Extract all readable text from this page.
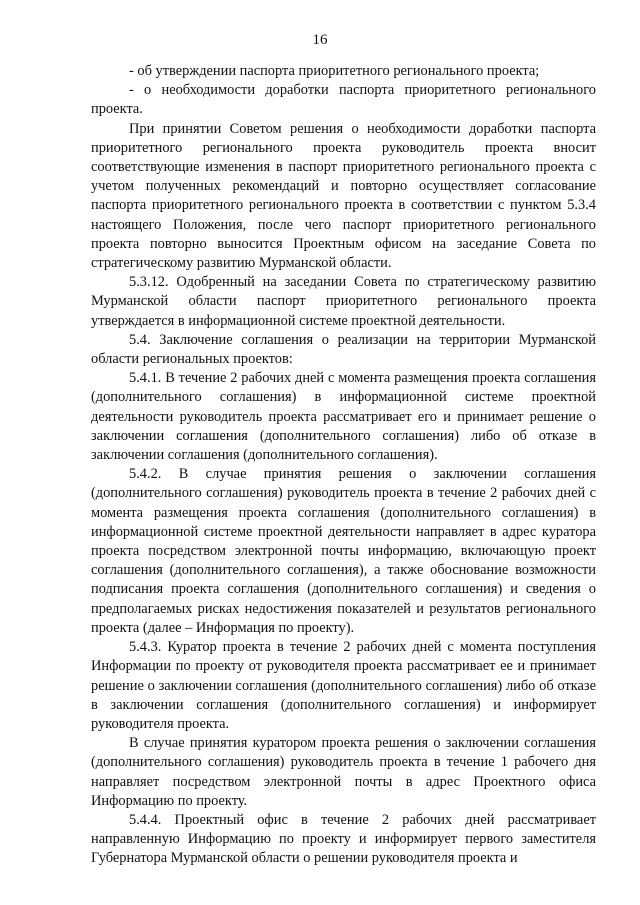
16

- об утверждении паспорта приоритетного регионального проекта;

- о необходимости доработки паспорта приоритетного регионального проекта.

При принятии Советом решения о необходимости доработки паспорта приоритетного регионального проекта руководитель проекта вносит соответствующие изменения в паспорт приоритетного регионального проекта с учетом полученных рекомендаций и повторно осуществляет согласование паспорта приоритетного регионального проекта в соответствии с пунктом 5.3.4 настоящего Положения, после чего паспорт приоритетного регионального проекта повторно выносится Проектным офисом на заседание Совета по стратегическому развитию Мурманской области.

5.3.12. Одобренный на заседании Совета по стратегическому развитию Мурманской области паспорт приоритетного регионального проекта утверждается в информационной системе проектной деятельности.

5.4. Заключение соглашения о реализации на территории Мурманской области региональных проектов:

5.4.1. В течение 2 рабочих дней с момента размещения проекта соглашения (дополнительного соглашения) в информационной системе проектной деятельности руководитель проекта рассматривает его и принимает решение о заключении соглашения (дополнительного соглашения) либо об отказе в заключении соглашения (дополнительного соглашения).

5.4.2. В случае принятия решения о заключении соглашения (дополнительного соглашения) руководитель проекта в течение 2 рабочих дней с момента размещения проекта соглашения (дополнительного соглашения) в информационной системе проектной деятельности направляет в адрес куратора проекта посредством электронной почты информацию, включающую проект соглашения (дополнительного соглашения), а также обоснование возможности подписания проекта соглашения (дополнительного соглашения) и сведения о предполагаемых рисках недостижения показателей и результатов регионального проекта (далее – Информация по проекту).

5.4.3. Куратор проекта в течение 2 рабочих дней с момента поступления Информации по проекту от руководителя проекта рассматривает ее и принимает решение о заключении соглашения (дополнительного соглашения) либо об отказе в заключении соглашения (дополнительного соглашения) и информирует руководителя проекта.

В случае принятия куратором проекта решения о заключении соглашения (дополнительного соглашения) руководитель проекта в течение 1 рабочего дня направляет посредством электронной почты в адрес Проектного офиса Информацию по проекту.

5.4.4. Проектный офис в течение 2 рабочих дней рассматривает направленную Информацию по проекту и информирует первого заместителя Губернатора Мурманской области о решении руководителя проекта и
